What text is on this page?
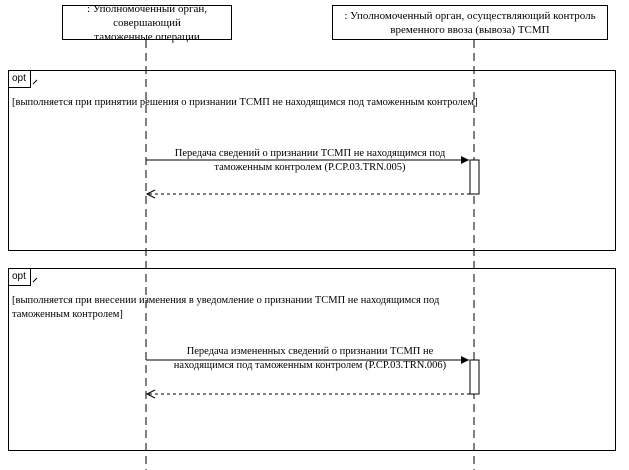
: Уполномоченный орган, совершающий
таможенные операции
: Уполномоченный орган, осуществляющий контроль
временного ввоза (вывоза) ТСМП
opt
opt
[выполняется при принятии решения о признании ТСМП не находящимся под таможенным контролем]
[выполняется при внесении изменения в уведомление о признании ТСМП не находящимся под
таможенным контролем]
Передача сведений о признании ТСМП не находящимся под
таможенным контролем (P.CP.03.TRN.005)
Передача измененных сведений о признании ТСМП не
находящимся под таможенным контролем (P.CP.03.TRN.006)
